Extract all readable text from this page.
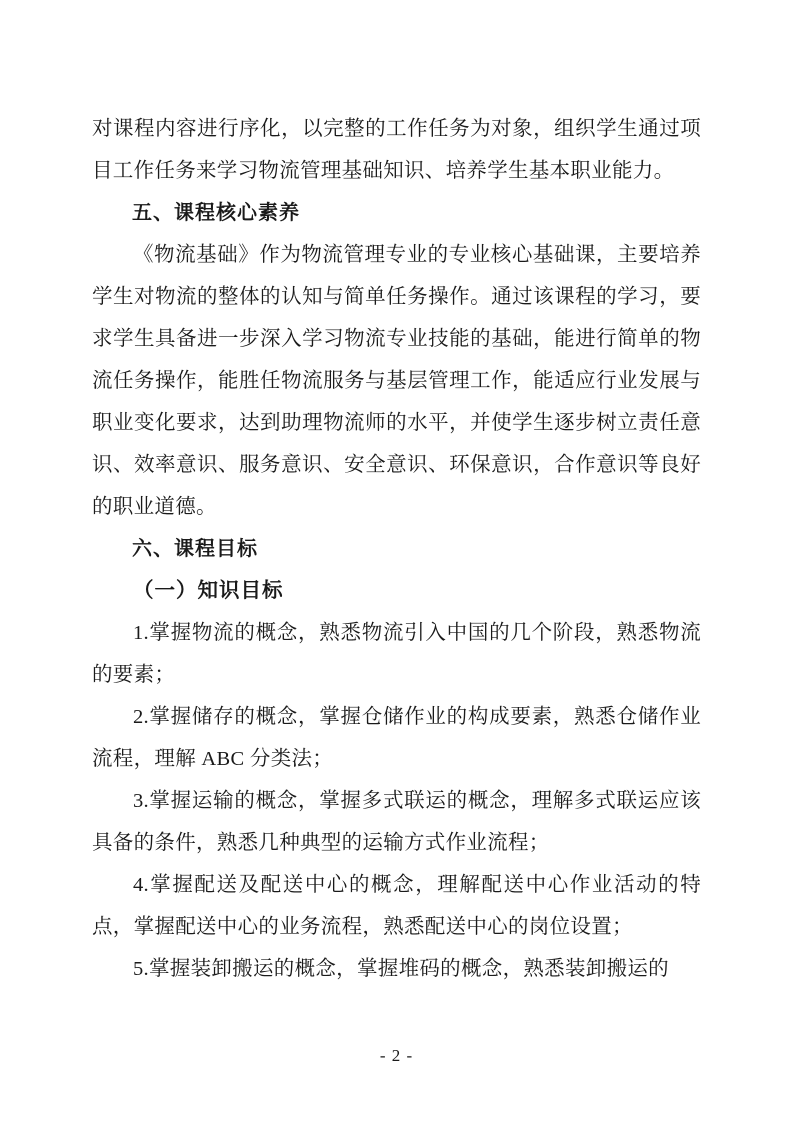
对课程内容进行序化，以完整的工作任务为对象，组织学生通过项目工作任务来学习物流管理基础知识、培养学生基本职业能力。

五、课程核心素养

《物流基础》作为物流管理专业的专业核心基础课，主要培养学生对物流的整体的认知与简单任务操作。通过该课程的学习，要求学生具备进一步深入学习物流专业技能的基础，能进行简单的物流任务操作，能胜任物流服务与基层管理工作，能适应行业发展与职业变化要求，达到助理物流师的水平，并使学生逐步树立责任意识、效率意识、服务意识、安全意识、环保意识，合作意识等良好的职业道德。

六、课程目标

（一）知识目标

1.掌握物流的概念，熟悉物流引入中国的几个阶段，熟悉物流的要素；

2.掌握储存的概念，掌握仓储作业的构成要素，熟悉仓储作业流程，理解 ABC 分类法；

3.掌握运输的概念，掌握多式联运的概念，理解多式联运应该具备的条件，熟悉几种典型的运输方式作业流程；

4.掌握配送及配送中心的概念，理解配送中心作业活动的特点，掌握配送中心的业务流程，熟悉配送中心的岗位设置；

5.掌握装卸搬运的概念，掌握堆码的概念，熟悉装卸搬运的

- 2 -
